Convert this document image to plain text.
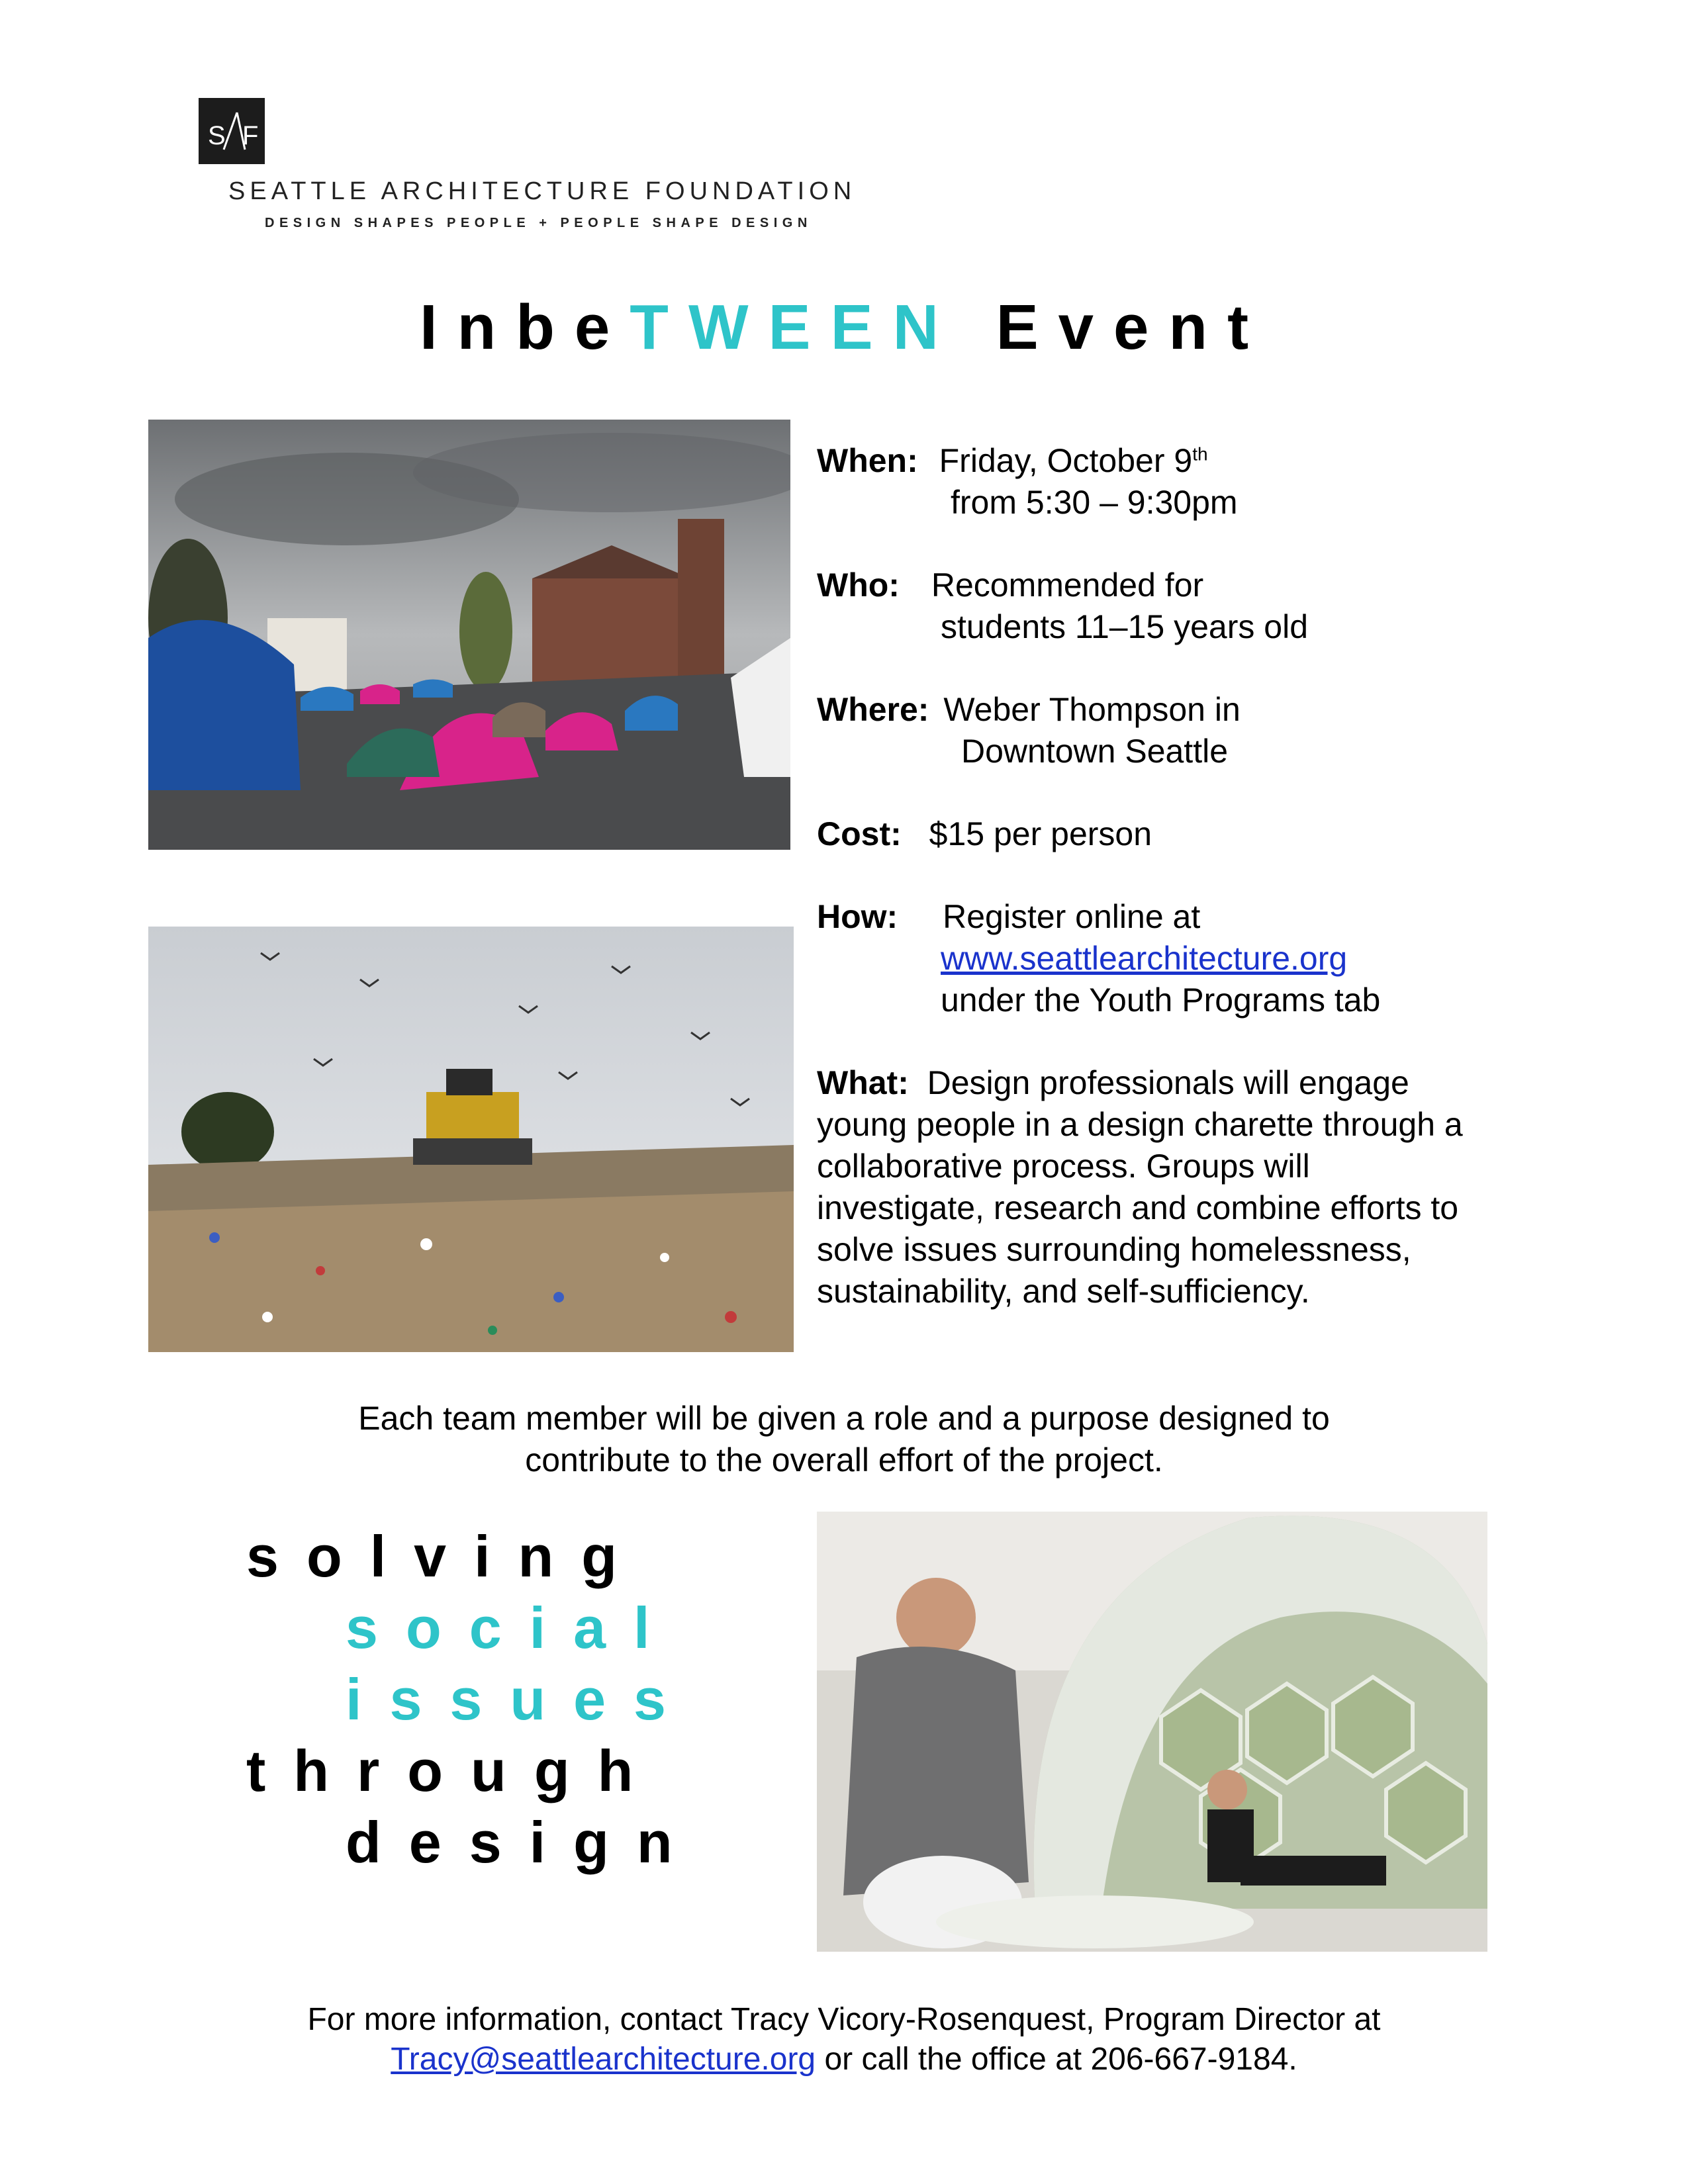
S F
SEATTLE ARCHITECTURE FOUNDATION
DESIGN SHAPES PEOPLE + PEOPLE SHAPE DESIGN
InbeTWEEN Event
When: Friday, October 9th
from 5:30 – 9:30pm
Who: Recommended for
students 11–15 years old
Where: Weber Thompson in
Downtown Seattle
Cost: $15 per person
How: Register online at
www.seattlearchitecture.org
under the Youth Programs tab
What: Design professionals will engage young people in a design charette through a collaborative process. Groups will investigate, research and combine efforts to solve issues surrounding homelessness, sustainability, and self-sufficiency.
Each team member will be given a role and a purpose designed to
contribute to the overall effort of the project.
solving
social
issues
through
design
For more information, contact Tracy Vicory-Rosenquest, Program Director at
Tracy@seattlearchitecture.org or call the office at 206-667-9184.
